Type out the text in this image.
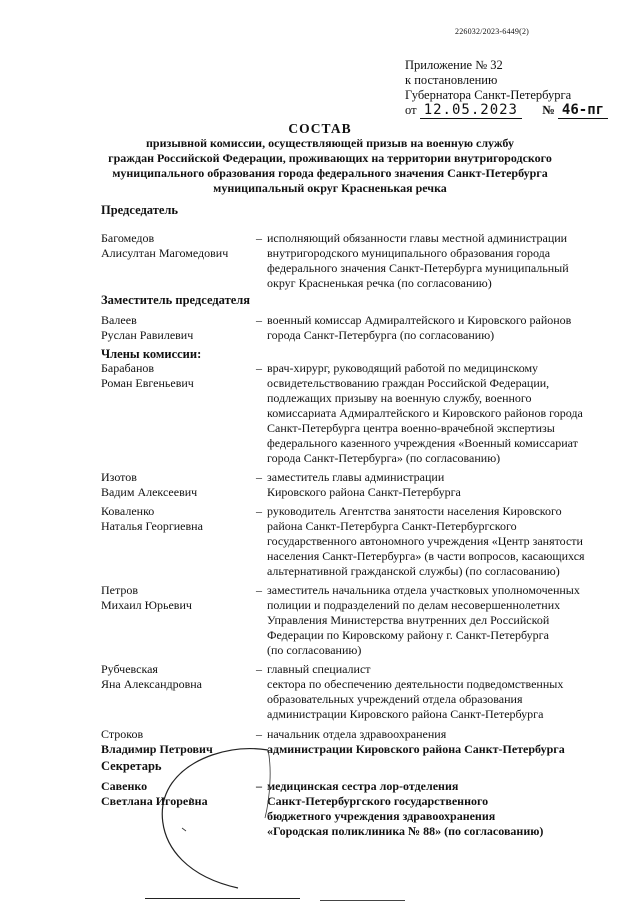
226032/2023-6449(2)
Приложение № 32
к постановлению
Губернатора Санкт-Петербурга
от 12.05.2023 № 46-пг
СОСТАВ
призывной комиссии, осуществляющей призыв на военную службу
граждан Российской Федерации, проживающих на территории внутригородского
муниципального образования города федерального значения Санкт-Петербурга
муниципальный округ Красненькая речка
Председатель
Багомедов
Алисултан Магомедович
– исполняющий обязанности главы местной администрации
внутригородского муниципального образования города
федерального значения Санкт-Петербурга муниципальный
округ Красненькая речка (по согласованию)
Заместитель председателя
Валеев
Руслан Равилевич
– военный комиссар Адмиралтейского и Кировского районов
города Санкт-Петербурга (по согласованию)
Члены комиссии:
Барабанов
Роман Евгеньевич
– врач-хирург, руководящий работой по медицинскому
освидетельствованию граждан Российской Федерации,
подлежащих призыву на военную службу, военного
комиссариата Адмиралтейского и Кировского районов города
Санкт-Петербурга центра военно-врачебной экспертизы
федерального казенного учреждения «Военный комиссариат
города Санкт-Петербурга» (по согласованию)
Изотов
Вадим Алексеевич
– заместитель главы администрации
Кировского района Санкт-Петербурга
Коваленко
Наталья Георгиевна
– руководитель Агентства занятости населения Кировского
района Санкт-Петербурга Санкт-Петербургского
государственного автономного учреждения «Центр занятости
населения Санкт-Петербурга» (в части вопросов, касающихся
альтернативной гражданской службы) (по согласованию)
Петров
Михаил Юрьевич
– заместитель начальника отдела участковых уполномоченных
полиции и подразделений по делам несовершеннолетних
Управления Министерства внутренних дел Российской
Федерации по Кировскому району г. Санкт-Петербурга
(по согласованию)
Рубчевская
Яна Александровна
– главный специалист
сектора по обеспечению деятельности подведомственных
образовательных учреждений отдела образования
администрации Кировского района Санкт-Петербурга
Строков
Владимир Петрович
– начальник отдела здравоохранения
администрации Кировского района Санкт-Петербурга
Секретарь
Савенко
Светлана Игоревна
– медицинская сестра лор-отделения
Санкт-Петербургского государственного
бюджетного учреждения здравоохранения
«Городская поликлиника № 88» (по согласованию)
